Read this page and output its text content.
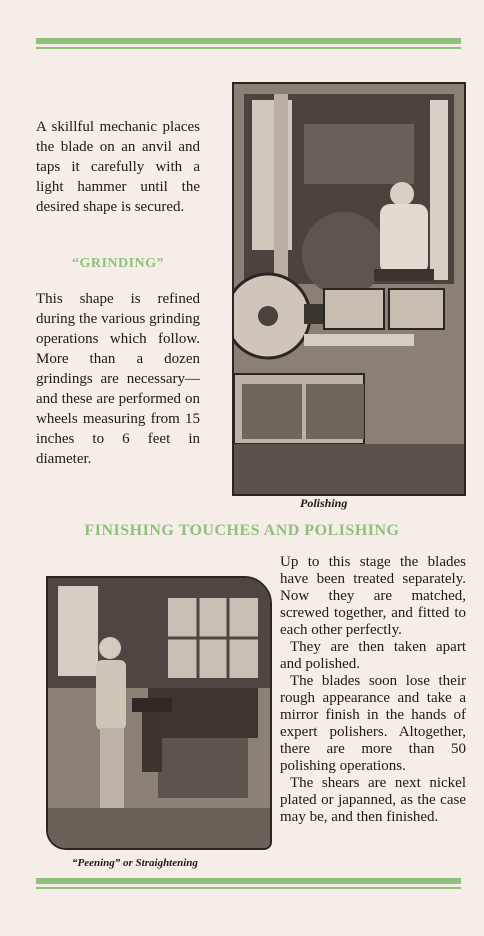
A skillful mechanic places the blade on an anvil and taps it carefully with a light hammer until the desired shape is secured.

“GRINDING”

This shape is refined during the various grinding operations which follow. More than a dozen grindings are necessary—and these are performed on wheels measuring from 15 inches to 6 feet in diameter.

Polishing
FINISHING TOUCHES AND POLISHING
“Peening” or Straightening

Up to this stage the blades have been treated separately. Now they are matched, screwed together, and fitted to each other perfectly.

They are then taken apart and polished.

The blades soon lose their rough appearance and take a mirror finish in the hands of expert polishers. Altogether, there are more than 50 polishing operations.

The shears are next nickel plated or japanned, as the case may be, and then finished.
